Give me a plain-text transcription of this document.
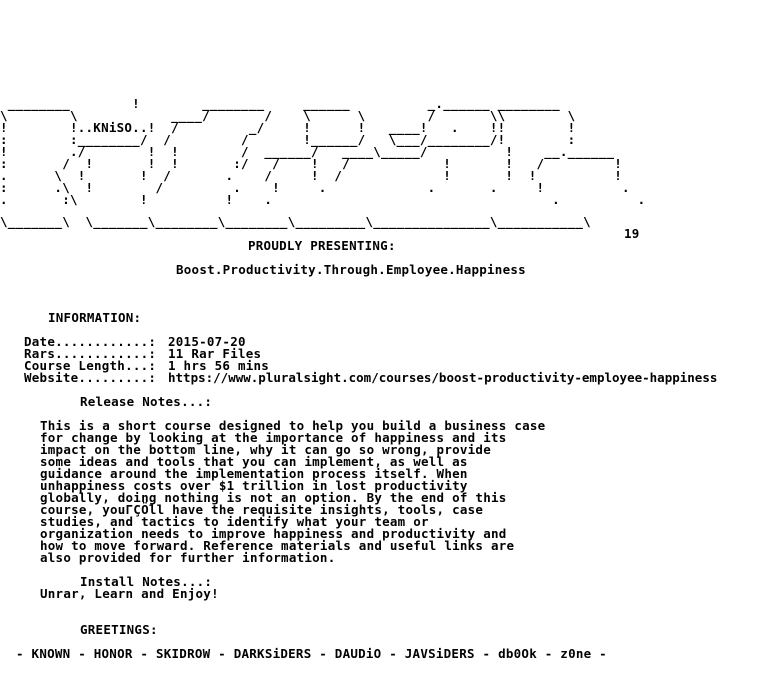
________        !        ________     ______          _.______ ________
\        \            ____/       /    \      \        /       \\        \
!        !..KNiSO..!  /         _/     !      !   ____!   .    !!        !
:        :________/  /         /       !______/   \___/________/!        :
!        ./        !  !        /  ______/   ____\_____/          !    __.______
:       /  !       !  !       :/   /    !   /            !       !   /         !
.      \  !       !  /       .    /     !  /             !       !  !          !
:      .\  !        /         .    !     .             .       .     !          .
.       :\        !          !    .                                    .          .
\_______\  \_______\________\________\_________\_______________\___________\
19
PROUDLY PRESENTING:
Boost.Productivity.Through.Employee.Happiness
INFORMATION:
Date............: 2015-07-20
Rars............: 11 Rar Files
Course Length...: 1 hrs 56 mins
Website.........: https://www.pluralsight.com/courses/boost-productivity-employee-happiness
Release Notes...:
This is a short course designed to help you build a business case
for change by looking at the importance of happiness and its
impact on the bottom line, why it can go so wrong, provide
some ideas and tools that you can implement, as well as
guidance around the implementation process itself. When
unhappiness costs over $1 trillion in lost productivity
globally, doing nothing is not an option. By the end of this
course, youΓÇÖll have the requisite insights, tools, case
studies, and tactics to identify what your team or
organization needs to improve happiness and productivity and
how to move forward. Reference materials and useful links are
also provided for further information.
Install Notes...:
Unrar, Learn and Enjoy!
GREETINGS:
- KNOWN - HONOR - SKIDROW - DARKSiDERS - DAUDiO - JAVSiDERS - db0Ok - z0ne -
